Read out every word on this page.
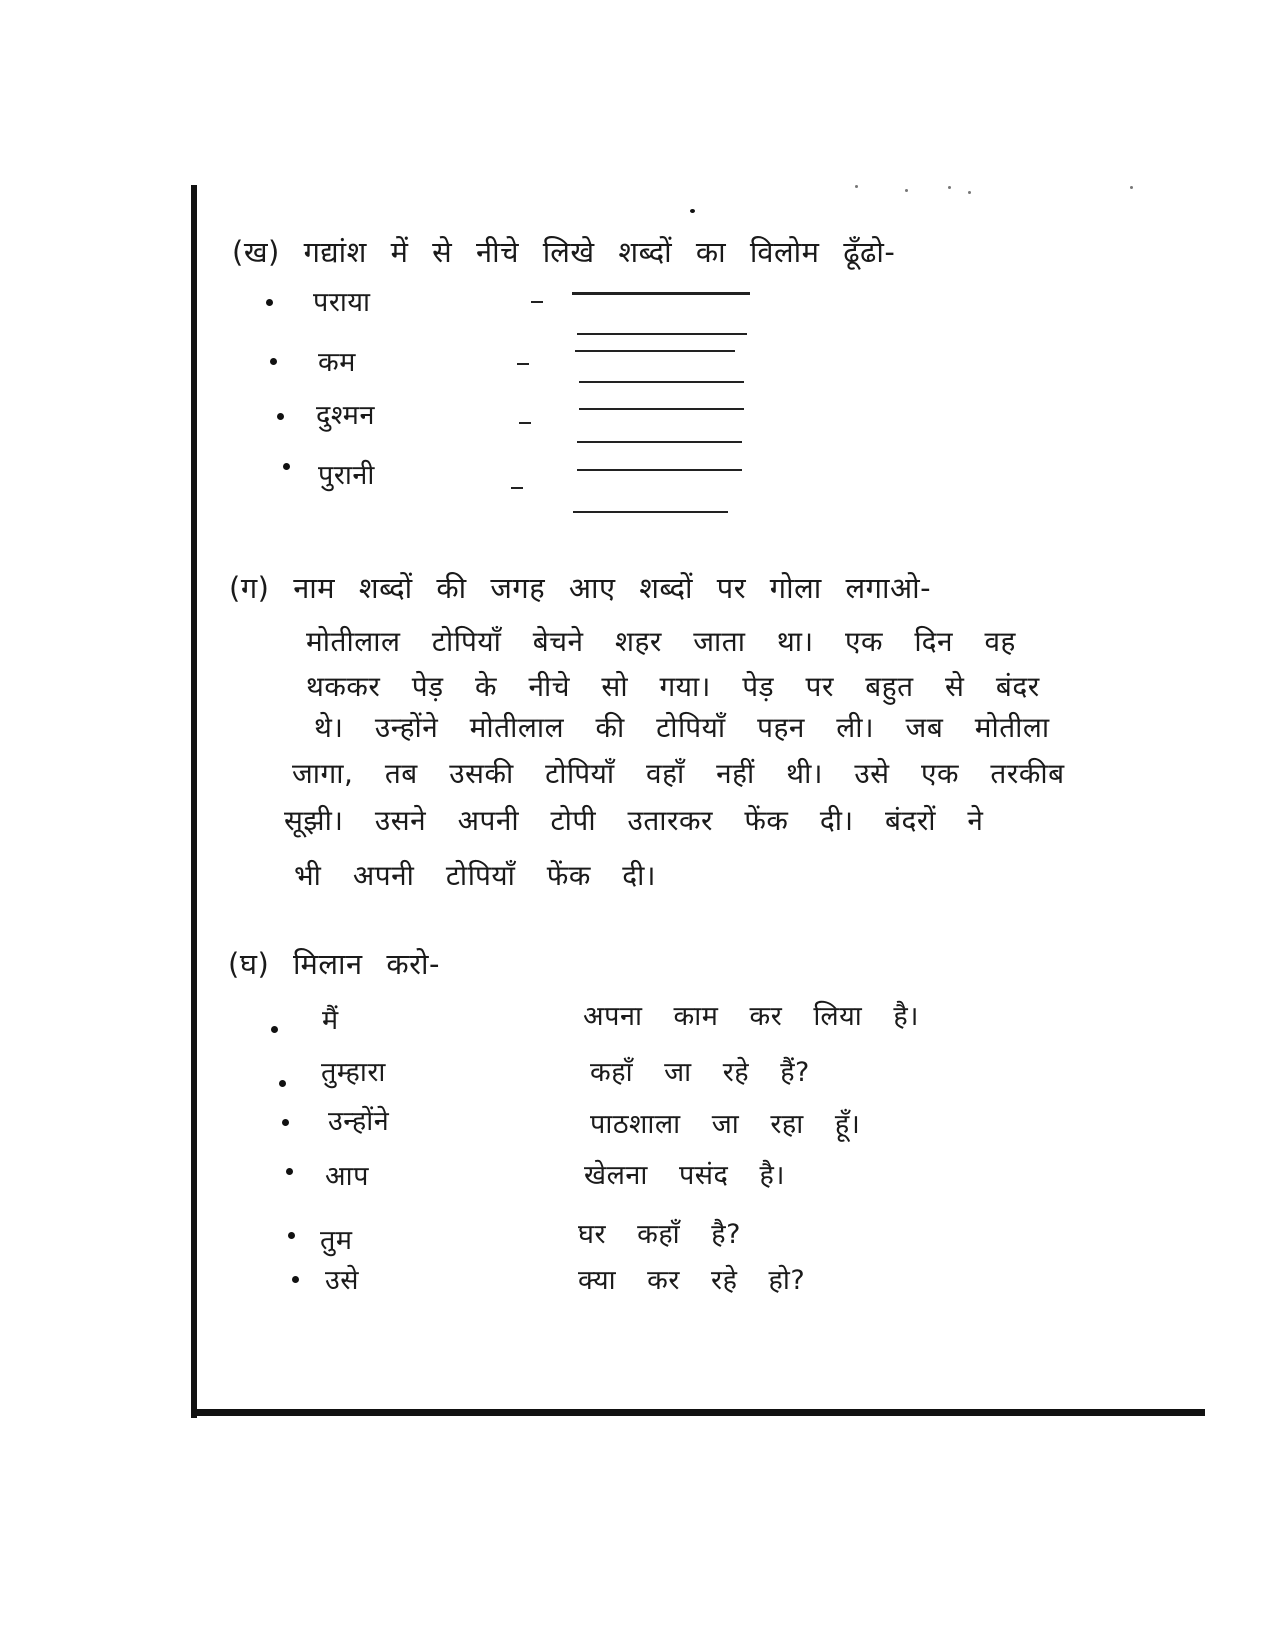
(ख) गद्यांश में से नीचे लिखे शब्दों का विलोम ढूँढो-
पराया
कम
दुश्मन
पुरानी
(ग) नाम शब्दों की जगह आए शब्दों पर गोला लगाओ-
मोतीलाल टोपियाँ बेचने शहर जाता था। एक दिन वह
थककर पेड़ के नीचे सो गया। पेड़ पर बहुत से बंदर
थे। उन्होंने मोतीलाल की टोपियाँ पहन ली। जब मोतीला
जागा, तब उसकी टोपियाँ वहाँ नहीं थी। उसे एक तरकीब
सूझी। उसने अपनी टोपी उतारकर फेंक दी। बंदरों ने
भी अपनी टोपियाँ फेंक दी।
(घ) मिलान करो-
मैं	अपना काम कर लिया है।
तुम्हारा	कहाँ जा रहे हैं?
उन्होंने	पाठशाला जा रहा हूँ।
आप	खेलना पसंद है।
तुम	घर कहाँ है?
उसे	क्या कर रहे हो?
